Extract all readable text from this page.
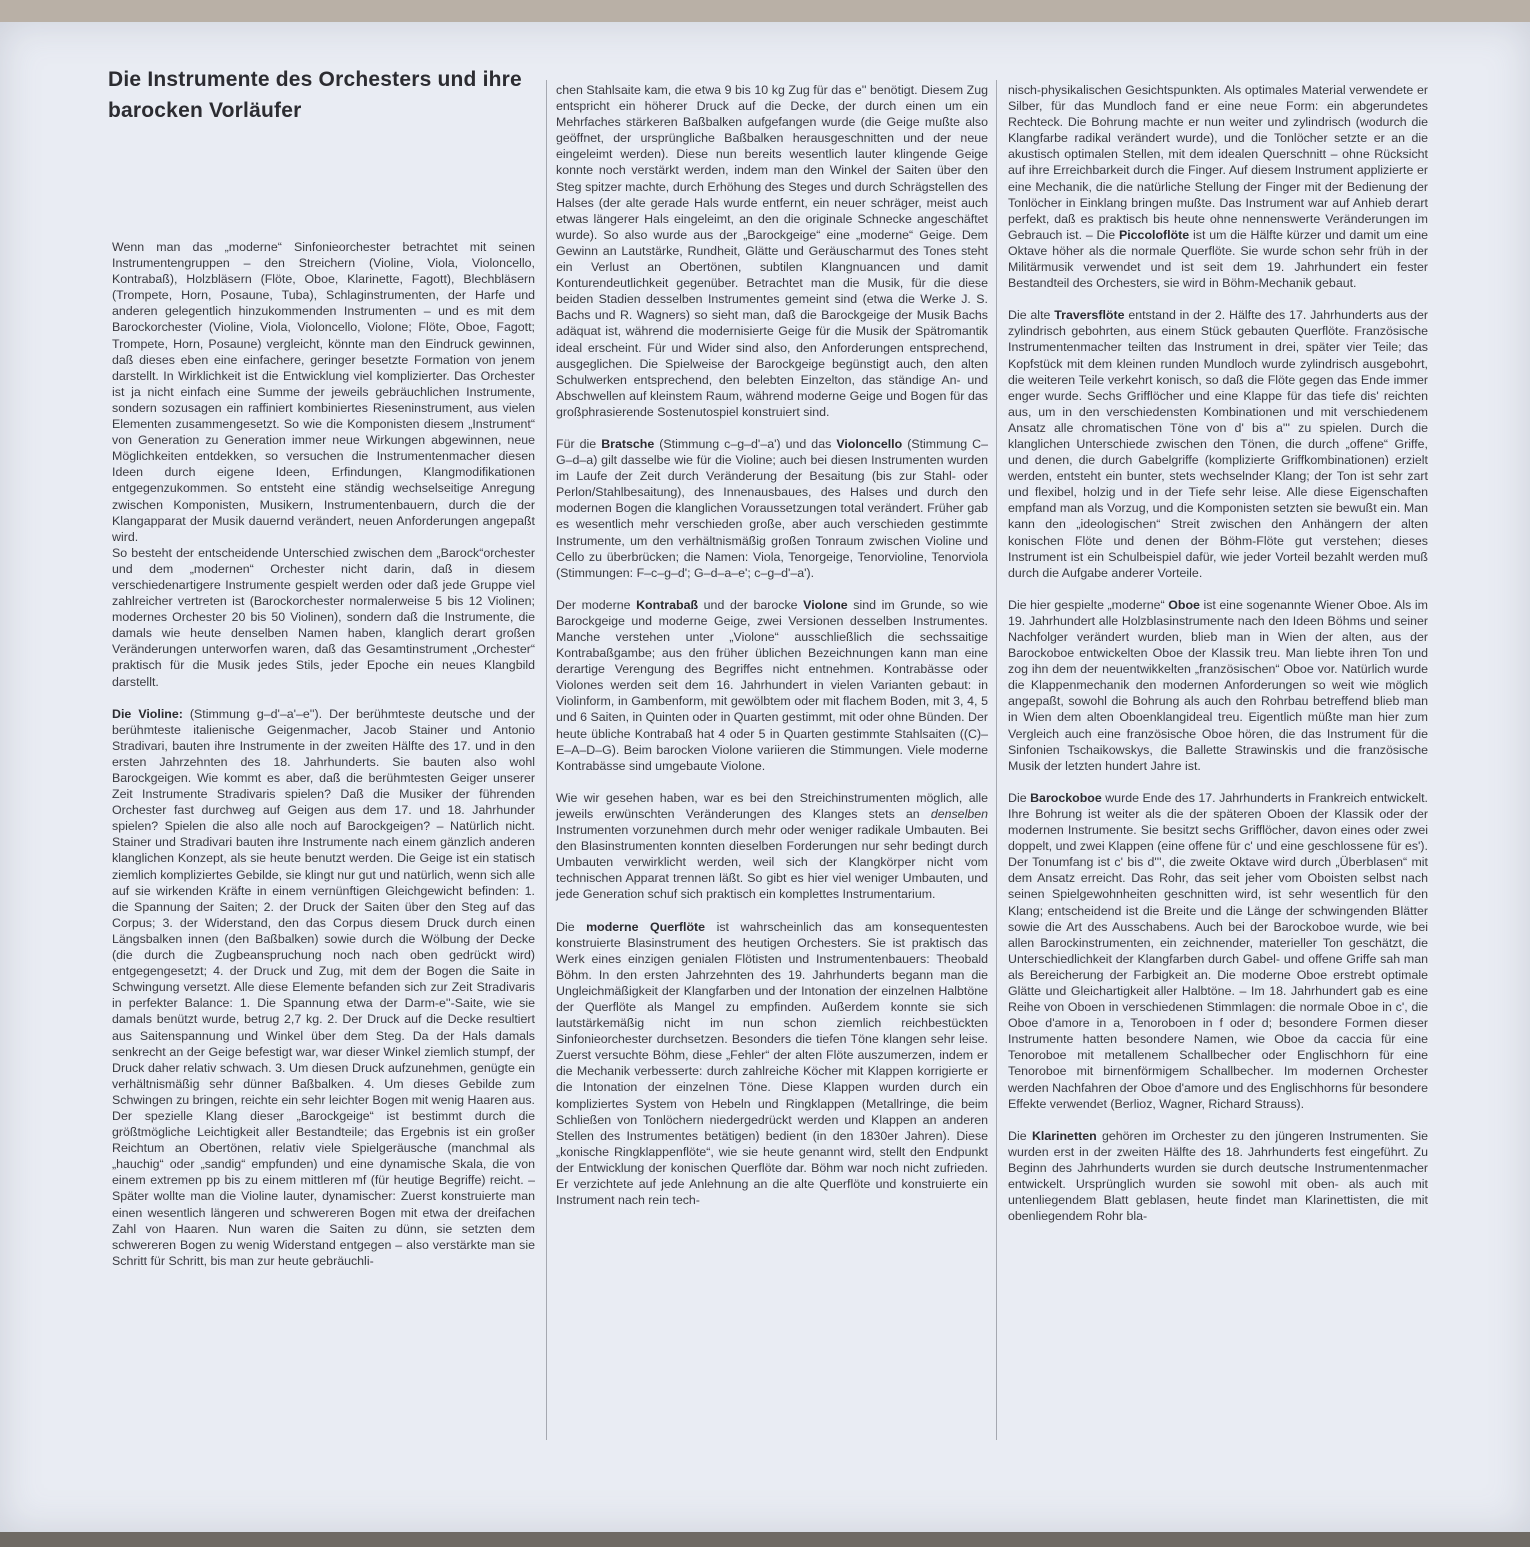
Die Instrumente des Orchesters und ihre barocken Vorläufer

Wenn man das „moderne“ Sinfonieorchester betrachtet mit seinen Instrumentengruppen – den Streichern (Violine, Viola, Violoncello, Kontrabaß), Holzbläsern (Flöte, Oboe, Klarinette, Fagott), Blechbläsern (Trompete, Horn, Posaune, Tuba), Schlaginstrumenten, der Harfe und anderen gelegentlich hinzukommenden Instrumenten – und es mit dem Barockorchester (Violine, Viola, Violoncello, Violone; Flöte, Oboe, Fagott; Trompete, Horn, Posaune) vergleicht, könnte man den Eindruck gewinnen, daß dieses eben eine einfachere, geringer besetzte Formation von jenem darstellt. In Wirklichkeit ist die Entwicklung viel komplizierter. Das Orchester ist ja nicht einfach eine Summe der jeweils gebräuchlichen Instrumente, sondern sozusagen ein raffiniert kombiniertes Rieseninstrument, aus vielen Elementen zusammengesetzt. So wie die Komponisten diesem „Instrument“ von Generation zu Generation immer neue Wirkungen abgewinnen, neue Möglichkeiten entdekken, so versuchen die Instrumentenmacher diesen Ideen durch eigene Ideen, Erfindungen, Klangmodifikationen entgegenzukommen. So entsteht eine ständig wechselseitige Anregung zwischen Komponisten, Musikern, Instrumentenbauern, durch die der Klangapparat der Musik dauernd verändert, neuen Anforderungen angepaßt wird.

So besteht der entscheidende Unterschied zwischen dem „Barock“orchester und dem „modernen“ Orchester nicht darin, daß in diesem verschiedenartigere Instrumente gespielt werden oder daß jede Gruppe viel zahlreicher vertreten ist (Barockorchester normalerweise 5 bis 12 Violinen; modernes Orchester 20 bis 50 Violinen), sondern daß die Instrumente, die damals wie heute denselben Namen haben, klanglich derart großen Veränderungen unterworfen waren, daß das Gesamtinstrument „Orchester“ praktisch für die Musik jedes Stils, jeder Epoche ein neues Klangbild darstellt.

Die Violine: (Stimmung g–d'–a'–e''). Der berühmteste deutsche und der berühmteste italienische Geigenmacher, Jacob Stainer und Antonio Stradivari, bauten ihre Instrumente in der zweiten Hälfte des 17. und in den ersten Jahrzehnten des 18. Jahrhunderts. Sie bauten also wohl Barockgeigen. Wie kommt es aber, daß die berühmtesten Geiger unserer Zeit Instrumente Stradivaris spielen? Daß die Musiker der führenden Orchester fast durchweg auf Geigen aus dem 17. und 18. Jahrhunder spielen? Spielen die also alle noch auf Barockgeigen? – Natürlich nicht. Stainer und Stradivari bauten ihre Instrumente nach einem gänzlich anderen klanglichen Konzept, als sie heute benutzt werden. Die Geige ist ein statisch ziemlich kompliziertes Gebilde, sie klingt nur gut und natürlich, wenn sich alle auf sie wirkenden Kräfte in einem vernünftigen Gleichgewicht befinden: 1. die Spannung der Saiten; 2. der Druck der Saiten über den Steg auf das Corpus; 3. der Widerstand, den das Corpus diesem Druck durch einen Längsbalken innen (den Baßbalken) sowie durch die Wölbung der Decke (die durch die Zugbeanspruchung noch nach oben gedrückt wird) entgegengesetzt; 4. der Druck und Zug, mit dem der Bogen die Saite in Schwingung versetzt. Alle diese Elemente befanden sich zur Zeit Stradivaris in perfekter Balance: 1. Die Spannung etwa der Darm-e''-Saite, wie sie damals benützt wurde, betrug 2,7 kg. 2. Der Druck auf die Decke resultiert aus Saitenspannung und Winkel über dem Steg. Da der Hals damals senkrecht an der Geige befestigt war, war dieser Winkel ziemlich stumpf, der Druck daher relativ schwach. 3. Um diesen Druck aufzunehmen, genügte ein verhältnismäßig sehr dünner Baßbalken. 4. Um dieses Gebilde zum Schwingen zu bringen, reichte ein sehr leichter Bogen mit wenig Haaren aus. Der spezielle Klang dieser „Barockgeige“ ist bestimmt durch die größtmögliche Leichtigkeit aller Bestandteile; das Ergebnis ist ein großer Reichtum an Obertönen, relativ viele Spielgeräusche (manchmal als „hauchig“ oder „sandig“ empfunden) und eine dynamische Skala, die von einem extremen pp bis zu einem mittleren mf (für heutige Begriffe) reicht. – Später wollte man die Violine lauter, dynamischer: Zuerst konstruierte man einen wesentlich längeren und schwereren Bogen mit etwa der dreifachen Zahl von Haaren. Nun waren die Saiten zu dünn, sie setzten dem schwereren Bogen zu wenig Widerstand entgegen – also verstärkte man sie Schritt für Schritt, bis man zur heute gebräuchli-

chen Stahlsaite kam, die etwa 9 bis 10 kg Zug für das e'' benötigt. Diesem Zug entspricht ein höherer Druck auf die Decke, der durch einen um ein Mehrfaches stärkeren Baßbalken aufgefangen wurde (die Geige mußte also geöffnet, der ursprüngliche Baßbalken herausgeschnitten und der neue eingeleimt werden). Diese nun bereits wesentlich lauter klingende Geige konnte noch verstärkt werden, indem man den Winkel der Saiten über den Steg spitzer machte, durch Erhöhung des Steges und durch Schrägstellen des Halses (der alte gerade Hals wurde entfernt, ein neuer schräger, meist auch etwas längerer Hals eingeleimt, an den die originale Schnecke angeschäftet wurde). So also wurde aus der „Barockgeige“ eine „moderne“ Geige. Dem Gewinn an Lautstärke, Rundheit, Glätte und Geräuscharmut des Tones steht ein Verlust an Obertönen, subtilen Klangnuancen und damit Konturendeutlichkeit gegenüber. Betrachtet man die Musik, für die diese beiden Stadien desselben Instrumentes gemeint sind (etwa die Werke J. S. Bachs und R. Wagners) so sieht man, daß die Barockgeige der Musik Bachs adäquat ist, während die modernisierte Geige für die Musik der Spätromantik ideal erscheint. Für und Wider sind also, den Anforderungen entsprechend, ausgeglichen. Die Spielweise der Barockgeige begünstigt auch, den alten Schulwerken entsprechend, den belebten Einzelton, das ständige An- und Abschwellen auf kleinstem Raum, während moderne Geige und Bogen für das großphrasierende Sostenutospiel konstruiert sind.

Für die Bratsche (Stimmung c–g–d'–a') und das Violoncello (Stimmung C–G–d–a) gilt dasselbe wie für die Violine; auch bei diesen Instrumenten wurden im Laufe der Zeit durch Veränderung der Besaitung (bis zur Stahl- oder Perlon/Stahlbesaitung), des Innenausbaues, des Halses und durch den modernen Bogen die klanglichen Voraussetzungen total verändert. Früher gab es wesentlich mehr verschieden große, aber auch verschieden gestimmte Instrumente, um den verhältnismäßig großen Tonraum zwischen Violine und Cello zu überbrücken; die Namen: Viola, Tenorgeige, Tenorvioline, Tenorviola (Stimmungen: F–c–g–d'; G–d–a–e'; c–g–d'–a').

Der moderne Kontrabaß und der barocke Violone sind im Grunde, so wie Barockgeige und moderne Geige, zwei Versionen desselben Instrumentes. Manche verstehen unter „Violone“ ausschließlich die sechssaitige Kontrabaßgambe; aus den früher üblichen Bezeichnungen kann man eine derartige Verengung des Begriffes nicht entnehmen. Kontrabässe oder Violones werden seit dem 16. Jahrhundert in vielen Varianten gebaut: in Violinform, in Gambenform, mit gewölbtem oder mit flachem Boden, mit 3, 4, 5 und 6 Saiten, in Quinten oder in Quarten gestimmt, mit oder ohne Bünden. Der heute übliche Kontrabaß hat 4 oder 5 in Quarten gestimmte Stahlsaiten ((C)–E–A–D–G). Beim barocken Violone variieren die Stimmungen. Viele moderne Kontrabässe sind umgebaute Violone.

Wie wir gesehen haben, war es bei den Streichinstrumenten möglich, alle jeweils erwünschten Veränderungen des Klanges stets an denselben Instrumenten vorzunehmen durch mehr oder weniger radikale Umbauten. Bei den Blasinstrumenten konnten dieselben Forderungen nur sehr bedingt durch Umbauten verwirklicht werden, weil sich der Klangkörper nicht vom technischen Apparat trennen läßt. So gibt es hier viel weniger Umbauten, und jede Generation schuf sich praktisch ein komplettes Instrumentarium.

Die moderne Querflöte ist wahrscheinlich das am konsequentesten konstruierte Blasinstrument des heutigen Orchesters. Sie ist praktisch das Werk eines einzigen genialen Flötisten und Instrumentenbauers: Theobald Böhm. In den ersten Jahrzehnten des 19. Jahrhunderts begann man die Ungleichmäßigkeit der Klangfarben und der Intonation der einzelnen Halbtöne der Querflöte als Mangel zu empfinden. Außerdem konnte sie sich lautstärkemäßig nicht im nun schon ziemlich reichbestückten Sinfonieorchester durchsetzen. Besonders die tiefen Töne klangen sehr leise. Zuerst versuchte Böhm, diese „Fehler“ der alten Flöte auszumerzen, indem er die Mechanik verbesserte: durch zahlreiche Köcher mit Klappen korrigierte er die Intonation der einzelnen Töne. Diese Klappen wurden durch ein kompliziertes System von Hebeln und Ringklappen (Metallringe, die beim Schließen von Tonlöchern niedergedrückt werden und Klappen an anderen Stellen des Instrumentes betätigen) bedient (in den 1830er Jahren). Diese „konische Ringklappenflöte“, wie sie heute genannt wird, stellt den Endpunkt der Entwicklung der konischen Querflöte dar. Böhm war noch nicht zufrieden. Er verzichtete auf jede Anlehnung an die alte Querflöte und konstruierte ein Instrument nach rein tech-

nisch-physikalischen Gesichtspunkten. Als optimales Material verwendete er Silber, für das Mundloch fand er eine neue Form: ein abgerundetes Rechteck. Die Bohrung machte er nun weiter und zylindrisch (wodurch die Klangfarbe radikal verändert wurde), und die Tonlöcher setzte er an die akustisch optimalen Stellen, mit dem idealen Querschnitt – ohne Rücksicht auf ihre Erreichbarkeit durch die Finger. Auf diesem Instrument applizierte er eine Mechanik, die die natürliche Stellung der Finger mit der Bedienung der Tonlöcher in Einklang bringen mußte. Das Instrument war auf Anhieb derart perfekt, daß es praktisch bis heute ohne nennenswerte Veränderungen im Gebrauch ist. – Die Piccoloflöte ist um die Hälfte kürzer und damit um eine Oktave höher als die normale Querflöte. Sie wurde schon sehr früh in der Militärmusik verwendet und ist seit dem 19. Jahrhundert ein fester Bestandteil des Orchesters, sie wird in Böhm-Mechanik gebaut.

Die alte Traversflöte entstand in der 2. Hälfte des 17. Jahrhunderts aus der zylindrisch gebohrten, aus einem Stück gebauten Querflöte. Französische Instrumentenmacher teilten das Instrument in drei, später vier Teile; das Kopfstück mit dem kleinen runden Mundloch wurde zylindrisch ausgebohrt, die weiteren Teile verkehrt konisch, so daß die Flöte gegen das Ende immer enger wurde. Sechs Grifflöcher und eine Klappe für das tiefe dis' reichten aus, um in den verschiedensten Kombinationen und mit verschiedenem Ansatz alle chromatischen Töne von d' bis a''' zu spielen. Durch die klanglichen Unterschiede zwischen den Tönen, die durch „offene“ Griffe, und denen, die durch Gabelgriffe (komplizierte Griffkombinationen) erzielt werden, entsteht ein bunter, stets wechselnder Klang; der Ton ist sehr zart und flexibel, holzig und in der Tiefe sehr leise. Alle diese Eigenschaften empfand man als Vorzug, und die Komponisten setzten sie bewußt ein. Man kann den „ideologischen“ Streit zwischen den Anhängern der alten konischen Flöte und denen der Böhm-Flöte gut verstehen; dieses Instrument ist ein Schulbeispiel dafür, wie jeder Vorteil bezahlt werden muß durch die Aufgabe anderer Vorteile.

Die hier gespielte „moderne“ Oboe ist eine sogenannte Wiener Oboe. Als im 19. Jahrhundert alle Holzblasinstrumente nach den Ideen Böhms und seiner Nachfolger verändert wurden, blieb man in Wien der alten, aus der Barockoboe entwickelten Oboe der Klassik treu. Man liebte ihren Ton und zog ihn dem der neuentwikkelten „französischen“ Oboe vor. Natürlich wurde die Klappenmechanik den modernen Anforderungen so weit wie möglich angepaßt, sowohl die Bohrung als auch den Rohrbau betreffend blieb man in Wien dem alten Oboenklangideal treu. Eigentlich müßte man hier zum Vergleich auch eine französische Oboe hören, die das Instrument für die Sinfonien Tschaikowskys, die Ballette Strawinskis und die französische Musik der letzten hundert Jahre ist.

Die Barockoboe wurde Ende des 17. Jahrhunderts in Frankreich entwickelt. Ihre Bohrung ist weiter als die der späteren Oboen der Klassik oder der modernen Instrumente. Sie besitzt sechs Grifflöcher, davon eines oder zwei doppelt, und zwei Klappen (eine offene für c' und eine geschlossene für es'). Der Tonumfang ist c' bis d''', die zweite Oktave wird durch „Überblasen“ mit dem Ansatz erreicht. Das Rohr, das seit jeher vom Oboisten selbst nach seinen Spielgewohnheiten geschnitten wird, ist sehr wesentlich für den Klang; entscheidend ist die Breite und die Länge der schwingenden Blätter sowie die Art des Ausschabens. Auch bei der Barockoboe wurde, wie bei allen Barockinstrumenten, ein zeichnender, materieller Ton geschätzt, die Unterschiedlichkeit der Klangfarben durch Gabel- und offene Griffe sah man als Bereicherung der Farbigkeit an. Die moderne Oboe erstrebt optimale Glätte und Gleichartigkeit aller Halbtöne. – Im 18. Jahrhundert gab es eine Reihe von Oboen in verschiedenen Stimmlagen: die normale Oboe in c', die Oboe d'amore in a, Tenoroboen in f oder d; besondere Formen dieser Instrumente hatten besondere Namen, wie Oboe da caccia für eine Tenoroboe mit metallenem Schallbecher oder Englischhorn für eine Tenoroboe mit birnenförmigem Schallbecher. Im modernen Orchester werden Nachfahren der Oboe d'amore und des Englischhorns für besondere Effekte verwendet (Berlioz, Wagner, Richard Strauss).

Die Klarinetten gehören im Orchester zu den jüngeren Instrumenten. Sie wurden erst in der zweiten Hälfte des 18. Jahrhunderts fest eingeführt. Zu Beginn des Jahrhunderts wurden sie durch deutsche Instrumentenmacher entwickelt. Ursprünglich wurden sie sowohl mit oben- als auch mit untenliegendem Blatt geblasen, heute findet man Klarinettisten, die mit obenliegendem Rohr bla-
